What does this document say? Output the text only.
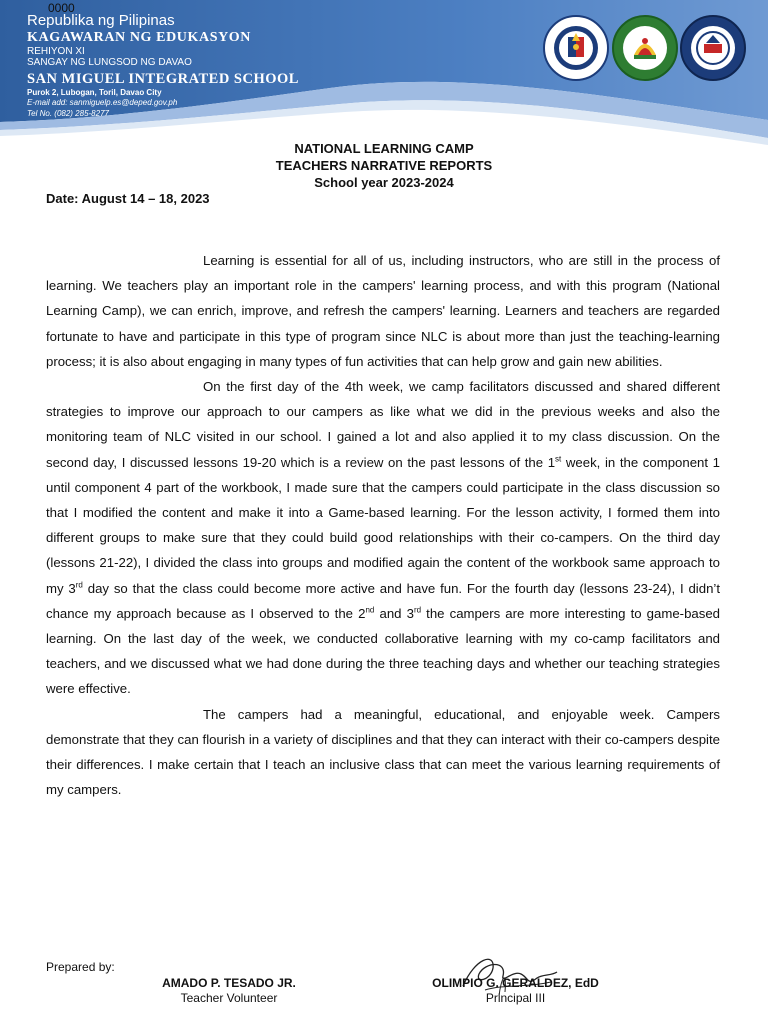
0000
Republika ng Pilipinas
KAGAWARAN NG EDUKASYON
REHIYON XI
SANGAY NG LUNGSOD NG DAVAO
SAN MIGUEL INTEGRATED SCHOOL
Purok 2, Lubogan, Toril, Davao City
E-mail add: sanmiguelp.es@deped.gov.ph
Tel No. (082) 285-8277
NATIONAL LEARNING CAMP
TEACHERS NARRATIVE REPORTS
School year 2023-2024
Date: August 14 – 18, 2023

Learning is essential for all of us, including instructors, who are still in the process of learning. We teachers play an important role in the campers' learning process, and with this program (National Learning Camp), we can enrich, improve, and refresh the campers' learning. Learners and teachers are regarded fortunate to have and participate in this type of program since NLC is about more than just the teaching-learning process; it is also about engaging in many types of fun activities that can help grow and gain new abilities.

On the first day of the 4th week, we camp facilitators discussed and shared different strategies to improve our approach to our campers as like what we did in the previous weeks and also the monitoring team of NLC visited in our school. I gained a lot and also applied it to my class discussion. On the second day, I discussed lessons 19-20 which is a review on the past lessons of the 1st week, in the component 1 until component 4 part of the workbook, I made sure that the campers could participate in the class discussion so that I modified the content and make it into a Game-based learning. For the lesson activity, I formed them into different groups to make sure that they could build good relationships with their co-campers. On the third day (lessons 21-22), I divided the class into groups and modified again the content of the workbook same approach to my 3rd day so that the class could become more active and have fun. For the fourth day (lessons 23-24), I didn’t chance my approach because as I observed to the 2nd and 3rd the campers are more interesting to game-based learning. On the last day of the week, we conducted collaborative learning with my co-camp facilitators and teachers, and we discussed what we had done during the three teaching days and whether our teaching strategies were effective.

The campers had a meaningful, educational, and enjoyable week. Campers demonstrate that they can flourish in a variety of disciplines and that they can interact with their co-campers despite their differences. I make certain that I teach an inclusive class that can meet the various learning requirements of my campers.

Prepared by:
AMADO P. TESADO JR.
Teacher Volunteer
OLIMPIO G. GERALDEZ, EdD
Principal III
